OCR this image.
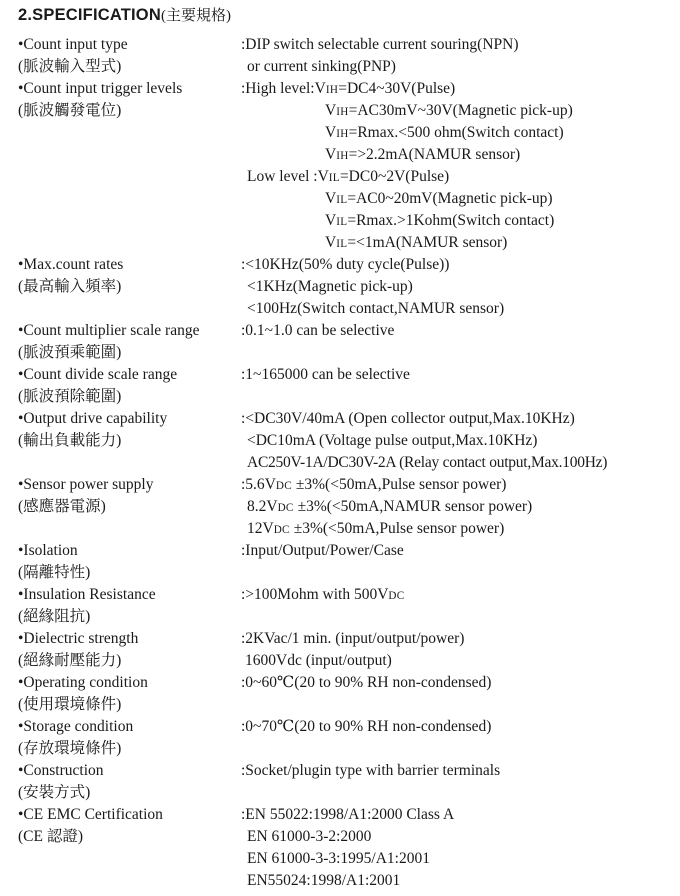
2.SPECIFICATION(主要規格)
•Count input type
(脈波輸入型式)
:DIP switch selectable current souring(NPN)
or current sinking(PNP)
•Count input trigger levels
(脈波觸發電位)
:High level:VIH=DC4~30V(Pulse)
VIH=AC30mV~30V(Magnetic pick-up)
VIH=Rmax.<500 ohm(Switch contact)
VIH=>2.2mA(NAMUR sensor)
Low level :VIL=DC0~2V(Pulse)
VIL=AC0~20mV(Magnetic pick-up)
VIL=Rmax.>1Kohm(Switch contact)
VIL=<1mA(NAMUR sensor)
•Max.count rates
(最高輸入頻率)
:<10KHz(50% duty cycle(Pulse))
<1KHz(Magnetic pick-up)
<100Hz(Switch contact,NAMUR sensor)
•Count multiplier scale range
(脈波預乘範圍)
:0.1~1.0 can be selective
•Count divide scale range
(脈波預除範圍)
:1~165000 can be selective
•Output drive capability
(輸出負載能力)
:<DC30V/40mA (Open collector output,Max.10KHz)
<DC10mA (Voltage pulse output,Max.10KHz)
AC250V-1A/DC30V-2A (Relay contact output,Max.100Hz)
•Sensor power supply
(感應器電源)
:5.6VDC ±3%(<50mA,Pulse sensor power)
8.2VDC ±3%(<50mA,NAMUR sensor power)
12VDC ±3%(<50mA,Pulse sensor power)
•Isolation
(隔離特性)
:Input/Output/Power/Case
•Insulation Resistance
(絕緣阻抗)
:>100Mohm with 500VDC
•Dielectric strength
(絕緣耐壓能力)
:2KVac/1 min. (input/output/power)
1600Vdc (input/output)
•Operating condition
(使用環境條件)
:0~60℃(20 to 90% RH non-condensed)
•Storage condition
(存放環境條件)
:0~70℃(20 to 90% RH non-condensed)
•Construction
(安裝方式)
:Socket/plugin type with barrier terminals
•CE EMC Certification
(CE 認證)
:EN 55022:1998/A1:2000 Class A
EN 61000-3-2:2000
EN 61000-3-3:1995/A1:2001
EN55024:1998/A1:2001
